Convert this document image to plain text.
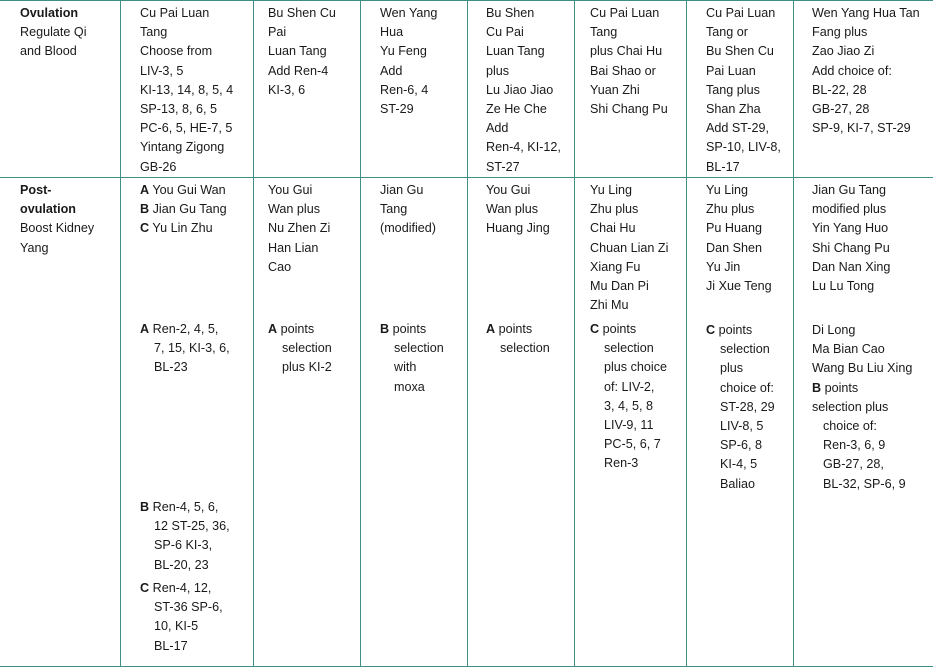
Ovulation
Regulate Qi
and Blood
Cu Pai Luan
Tang
Choose from
LIV-3, 5
KI-13, 14, 8, 5, 4
SP-13, 8, 6, 5
PC-6, 5, HE-7, 5
Yintang Zigong
GB-26
Bu Shen Cu
Pai
Luan Tang
Add Ren-4
KI-3, 6
Wen Yang
Hua
Yu Feng
Add
Ren-6, 4
ST-29
Bu Shen
Cu Pai
Luan Tang
plus
Lu Jiao Jiao
Ze He Che
Add
Ren-4, KI-12,
ST-27
Cu Pai Luan
Tang
plus Chai Hu
Bai Shao or
Yuan Zhi
Shi Chang Pu
Cu Pai Luan
Tang or
Bu Shen Cu
Pai Luan
Tang plus
Shan Zha
Add ST-29,
SP-10, LIV-8,
BL-17
Wen Yang Hua Tan
Fang plus
Zao Jiao Zi
Add choice of:
BL-22, 28
GB-27, 28
SP-9, KI-7, ST-29
Post-
ovulation
Boost Kidney
Yang
A You Gui Wan
B Jian Gu Tang
C Yu Lin Zhu
A Ren-2, 4, 5,
7, 15, KI-3, 6,
BL-23
B Ren-4, 5, 6,
12 ST-25, 36,
SP-6 KI-3,
BL-20, 23
C Ren-4, 12,
ST-36 SP-6,
10, KI-5
BL-17
You Gui
Wan plus
Nu Zhen Zi
Han Lian
Cao
A points
selection
plus KI-2
Jian Gu
Tang
(modified)
B points
selection
with
moxa
You Gui
Wan plus
Huang Jing
A points
selection
Yu Ling
Zhu plus
Chai Hu
Chuan Lian Zi
Xiang Fu
Mu Dan Pi
Zhi Mu
C points
selection
plus choice
of: LIV-2,
3, 4, 5, 8
LIV-9, 11
PC-5, 6, 7
Ren-3
Yu Ling
Zhu plus
Pu Huang
Dan Shen
Yu Jin
Ji Xue Teng
C points
selection
plus
choice of:
ST-28, 29
LIV-8, 5
SP-6, 8
KI-4, 5
Baliao
Jian Gu Tang
modified plus
Yin Yang Huo
Shi Chang Pu
Dan Nan Xing
Lu Lu Tong
Di Long
Ma Bian Cao
Wang Bu Liu Xing
B points
selection plus
choice of:
Ren-3, 6, 9
GB-27, 28,
BL-32, SP-6, 9
